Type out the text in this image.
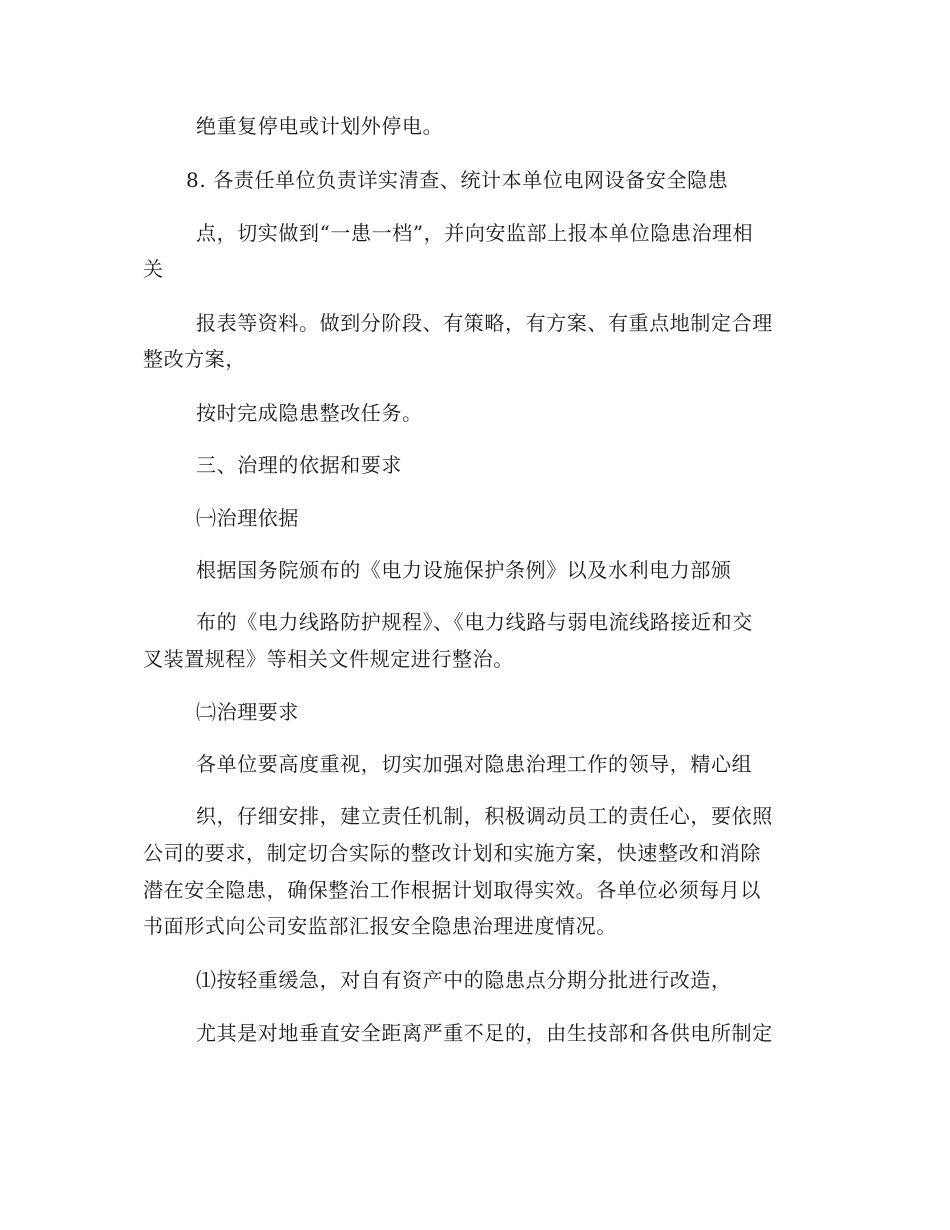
绝重复停电或计划外停电。
8. 各责任单位负责详实清查、统计本单位电网设备安全隐患
点，切实做到“一患一档”，并向安监部上报本单位隐患治理相
关
报表等资料。做到分阶段、有策略，有方案、有重点地制定合理
整改方案，
按时完成隐患整改任务。
三、治理的依据和要求
㈠治理依据
根据国务院颁布的《电力设施保护条例》以及水利电力部颁
布的《电力线路防护规程》、《电力线路与弱电流线路接近和交
叉装置规程》等相关文件规定进行整治。
㈡治理要求
各单位要高度重视，切实加强对隐患治理工作的领导，精心组
织，仔细安排，建立责任机制，积极调动员工的责任心，要依照
公司的要求，制定切合实际的整改计划和实施方案，快速整改和消除
潜在安全隐患，确保整治工作根据计划取得实效。各单位必须每月以
书面形式向公司安监部汇报安全隐患治理进度情况。
⑴按轻重缓急，对自有资产中的隐患点分期分批进行改造，
尤其是对地垂直安全距离严重不足的，由生技部和各供电所制定
